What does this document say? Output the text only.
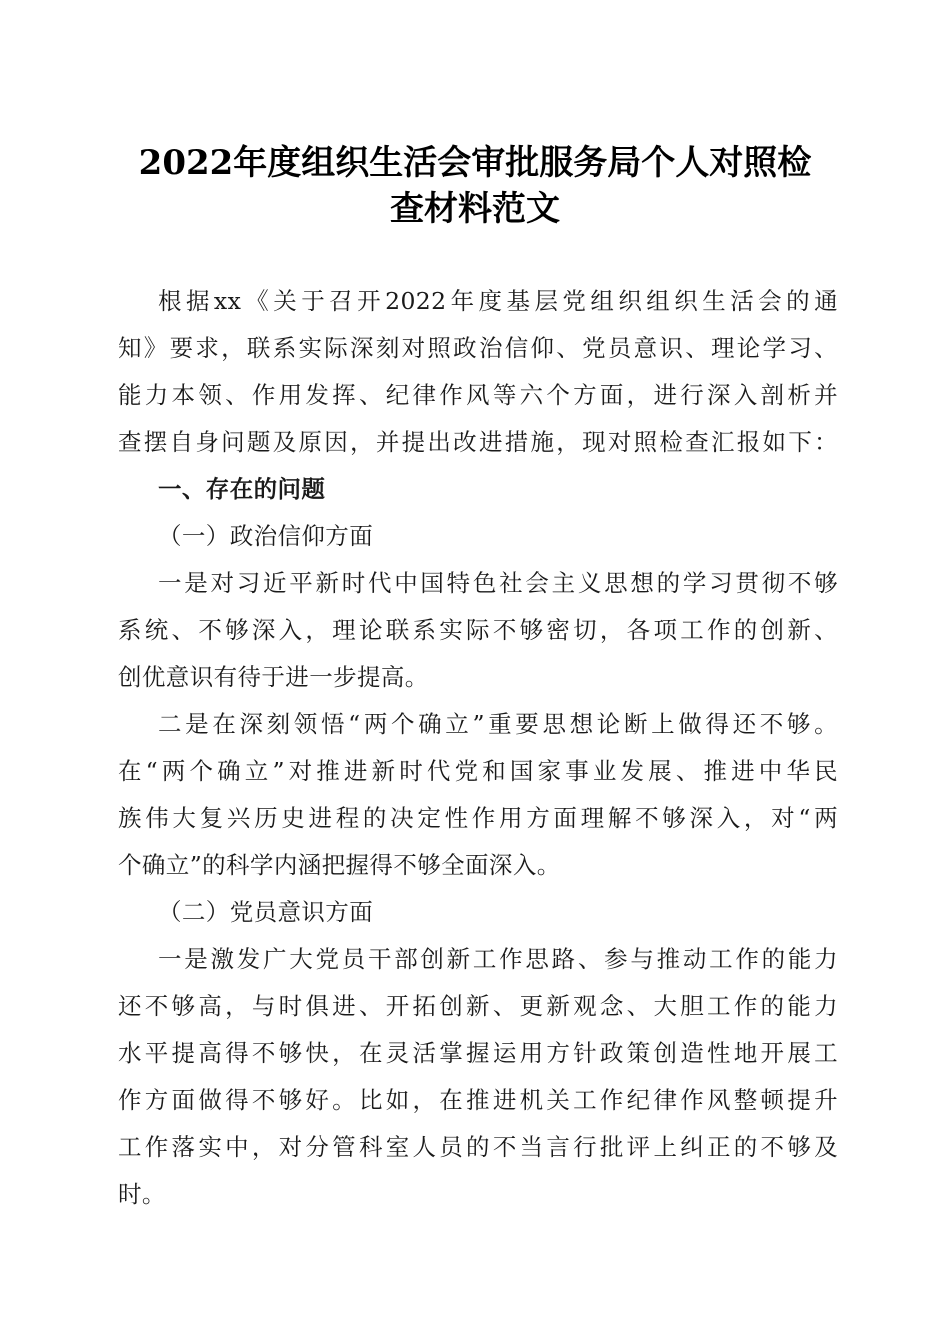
2022年度组织生活会审批服务局个人对照检
查材料范文
根据xx《关于召开2022年度基层党组织组织生活会的通
知》要求，联系实际深刻对照政治信仰、党员意识、理论学习、
能力本领、作用发挥、纪律作风等六个方面，进行深入剖析并
查摆自身问题及原因，并提出改进措施，现对照检查汇报如下：
一、存在的问题
（一）政治信仰方面
一是对习近平新时代中国特色社会主义思想的学习贯彻不够
系统、不够深入，理论联系实际不够密切，各项工作的创新、
创优意识有待于进一步提高。
二是在深刻领悟“两个确立”重要思想论断上做得还不够。
在“两个确立”对推进新时代党和国家事业发展、推进中华民
族伟大复兴历史进程的决定性作用方面理解不够深入，对“两
个确立”的科学内涵把握得不够全面深入。
（二）党员意识方面
一是激发广大党员干部创新工作思路、参与推动工作的能力
还不够高，与时俱进、开拓创新、更新观念、大胆工作的能力
水平提高得不够快，在灵活掌握运用方针政策创造性地开展工
作方面做得不够好。比如，在推进机关工作纪律作风整顿提升
工作落实中，对分管科室人员的不当言行批评上纠正的不够及
时。
